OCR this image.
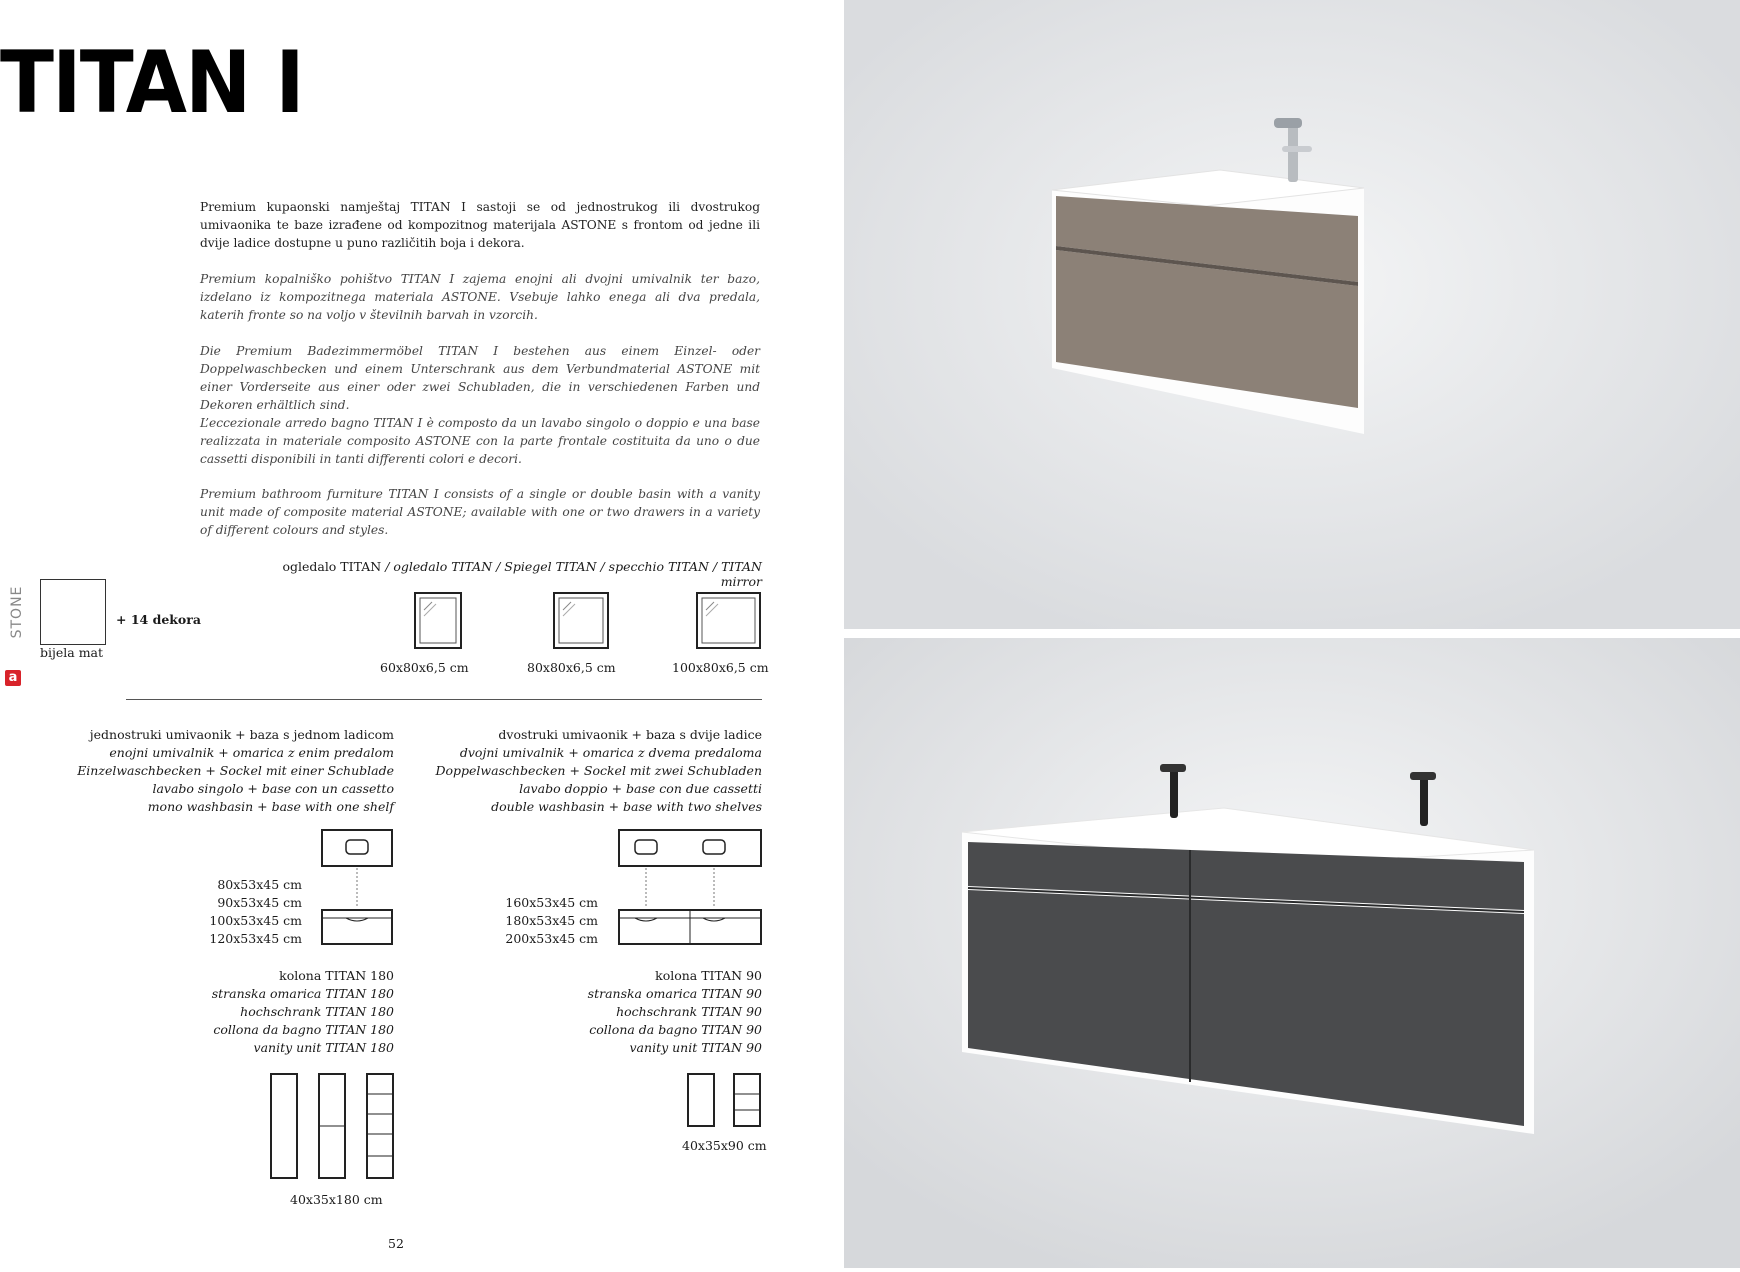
TITAN I
Premium kupaonski namještaj TITAN I sastoji se od jednostrukog ili dvostrukog umivaonika te baze izrađene od kompozitnog materijala ASTONE s frontom od jedne ili dvije ladice dostupne u puno različitih boja i dekora.
Premium kopalniško pohištvo TITAN I zajema enojni ali dvojni umivalnik ter bazo, izdelano iz kompozitnega materiala ASTONE. Vsebuje lahko enega ali dva predala, katerih fronte so na voljo v številnih barvah in vzorcih.
Die Premium Badezimmermöbel TITAN I bestehen aus einem Einzel- oder Doppelwaschbecken und einem Unterschrank aus dem Verbundmaterial ASTONE mit einer Vorderseite aus einer oder zwei Schubladen, die in verschiedenen Farben und Dekoren erhältlich sind.
L’eccezionale arredo bagno TITAN I è composto da un lavabo singolo o doppio e una base realizzata in materiale composito ASTONE con la parte frontale costituita da uno o due cassetti disponibili in tanti differenti colori e decori.
Premium bathroom furniture TITAN I consists of a single or double basin with a vanity unit made of composite material ASTONE; available with one or two drawers in a variety of different colours and styles.
STONE
a
bijela mat
+ 14 dekora
ogledalo TITAN / ogledalo TITAN / Spiegel TITAN / specchio TITAN / TITAN mirror
60x80x6,5 cm	80x80x6,5 cm	100x80x6,5 cm
jednostruki umivaonik + baza s jednom ladicom
enojni umivalnik + omarica z enim predalom
Einzelwaschbecken + Sockel mit einer Schublade
lavabo singolo + base con un cassetto
mono washbasin + base with one shelf
dvostruki umivaonik + baza s dvije ladice
dvojni umivalnik + omarica z dvema predaloma
Doppelwaschbecken + Sockel mit zwei Schubladen
lavabo doppio + base con due cassetti
double washbasin + base with two shelves
80x53x45 cm
90x53x45 cm
100x53x45 cm
120x53x45 cm
160x53x45 cm
180x53x45 cm
200x53x45 cm
kolona TITAN 180
stranska omarica TITAN 180
hochschrank TITAN 180
collona da bagno TITAN 180
vanity unit TITAN 180
40x35x180 cm
kolona TITAN 90
stranska omarica TITAN 90
hochschrank TITAN 90
collona da bagno TITAN 90
vanity unit TITAN 90
40x35x90 cm
52
